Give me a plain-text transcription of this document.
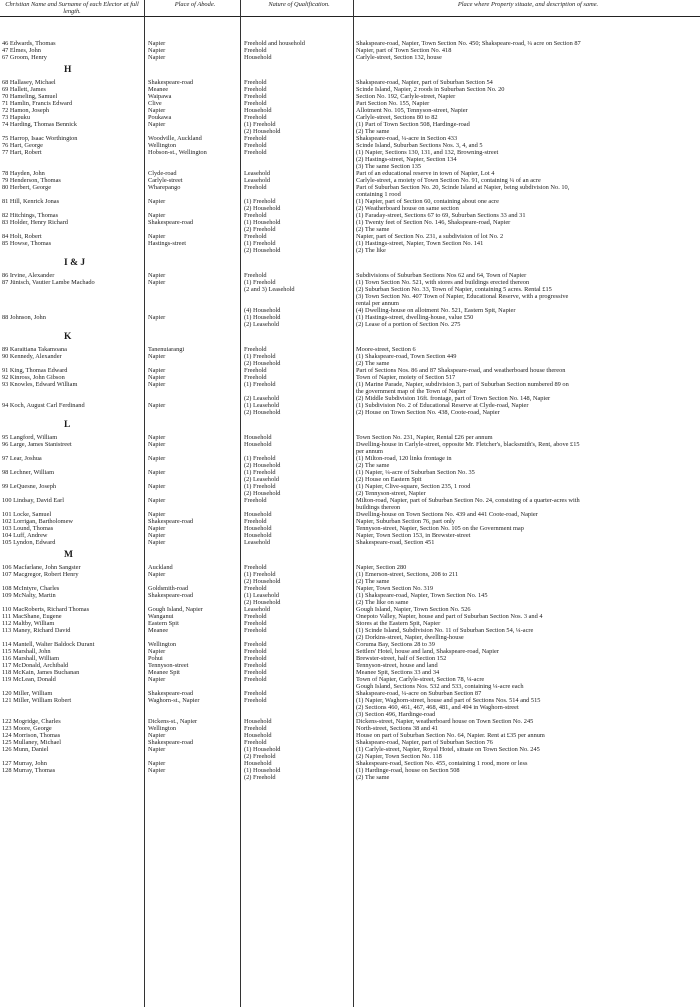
Christian Name and Surname of each Elector at full length.
Place of Abode.	Nature of Qualification.	Place where Property situate, and description of same.
46 Edwards, Thomas	Napier	Freehold and household	Shakspeare-road, Napier, Town Section No. 450; Shakspeare-road, ¼ acre on Section 87
47 Elmes, John	Napier	Freehold	Napier, part of Town Section No. 418
67 Groom, Henry	Napier	Household	Carlyle-street, Section 132, house
H
68 Hallasey, Michael	Shakespeare-road	Freehold	Shakspeare-road, Napier, part of Suburban Section 54
69 Hallett, James	Meanee	Freehold	Scinde Island, Napier, 2 roods in Suburban Section No. 20
70 Hameling, Samuel	Waipawa	Freehold	Section No. 192, Carlyle-street, Napier
71 Hamlin, Francis Edward	Clive	Freehold	Part Section No. 155, Napier
72 Hamon, Joseph	Napier	Household	Allotment No. 105, Tennyson-street, Napier
73 Hapuku	Poukawa	Freehold	Carlyle-street, Sections 80 to 82
74 Harding, Thomas Bennick	Napier	(1) Freehold	(1) Part of Town Section 508, Hardinge-road
(2) Household	(2) The same
75 Harrop, Isaac Worthington	Woodville, Auckland	Freehold	Shakspeare-road, ¼-acre in Section 433
76 Hart, George	Wellington	Freehold	Scinde Island, Suburban Sections Nos. 3, 4, and 5
77 Hart, Robert	Hobson-st., Wellington	Freehold	(1) Napier, Sections 130, 131, and 132, Browning-street
(2) Hastings-street, Napier, Section 134
(3) The same Section 135
78 Hayden, John	Clyde-road	Leasehold	Part of an educational reserve in town of Napier, Lot 4
79 Henderson, Thomas	Carlyle-street	Leasehold	Carlyle-street, a moiety of Town Section No. 91, containing ¼ of an acre
80 Herbert, George	Wharepango	Freehold	Part of Suburban Section No. 20, Scinde Island at Napier, being subdivision No. 10,
containing 1 rood
81 Hill, Kenrick Jonas	Napier	(1) Freehold	(1) Napier, part of Section 60, containing about one acre
(2) Household	(2) Weatherboard house on same section
82 Hitchings, Thomas	Napier	Freehold	(1) Faraday-street, Sections 67 to 69, Suburban Sections 33 and 31
83 Holder, Henry Richard	Shakespeare-road	(1) Household	(1) Twenty feet of Section No. 146, Shakspeare-road, Napier
(2) Freehold	(2) The same
84 Holt, Robert	Napier	Freehold	Napier, part of Section No. 231, a subdivision of lot No. 2
85 Howse, Thomas	Hastings-street	(1) Freehold	(1) Hastings-street, Napier, Town Section No. 141
(2) Household	(2) The like
I & J
86 Irvine, Alexander	Napier	Freehold	Subdivisions of Suburban Sections Nos 62 and 64, Town of Napier
87 Jünisch, Vautier Lambe Machado	Napier	(1) Freehold	(1) Town Section No. 521, with stores and buildings erected thereon
(2 and 3) Leasehold	(2) Suburban Section No. 33, Town of Napier, containing 5 acres. Rental £15
(3) Town Section No. 407 Town of Napier, Educational Reserve, with a progressive
rental per annum
(4) Household	(4) Dwelling-house on allotment No. 521, Eastern Spit, Napier
88 Johnson, John	Napier	(1) Household	(1) Hastings-street, dwelling-house, value £50
(2) Leasehold	(2) Lease of a portion of Section No. 275
K
89 Karaitiana Takamoana	Tanenuiarangi	Freehold	Moore-street, Section 6
90 Kennedy, Alexander	Napier	(1) Freehold	(1) Shakspeare-road, Town Section 449
(2) Household	(2) The same
91 King, Thomas Edward	Napier	Freehold	Part of Sections Nos. 86 and 87 Shakspeare-road, and weatherboard house thereon
92 Kinross, John Gibson	Napier	Freehold	Town of Napier, moiety of Section 517
93 Knowles, Edward William	Napier	(1) Freehold	(1) Marine Parade, Napier, subdivision 3, part of Suburban Section numbered 89 on
the government map of the Town of Napier
(2) Leasehold	(2) Middle Subdivision 16ft. frontage, part of Town Section No. 148, Napier
94 Koch, August Carl Ferdinand	Napier	(1) Leasehold	(1) Subdivision No. 2 of Educational Reserve at Clyde-road, Napier
(2) Household	(2) House on Town Section No. 438, Coote-road, Napier
L
95 Langford, William	Napier	Household	Town Section No. 231, Napier, Rental £26 per annum
96 Large, James Stanistreet	Napier	Household	Dwelling-house in Carlyle-street, opposite Mr. Fletcher's, blacksmith's, Rent, above £15
per annum
97 Lear, Joshua	Napier	(1) Freehold	(1) Milton-road, 120 links frontage in
(2) Household	(2) The same
98 Lechner, William	Napier	(1) Freehold	(1) Napier, ¼-acre of Suburban Section No. 35
(2) Leasehold	(2) House on Eastern Spit
99 LeQuesne, Joseph	Napier	(1) Freehold	(1) Napier, Clive-square, Section 235, 1 rood
(2) Household	(2) Tennyson-street, Napier
100 Lindsay, David Earl	Napier	Freehold	Milton-road, Napier, part of Suburban Section No. 24, consisting of a quarter-acres with
buildings thereon
101 Locke, Samuel	Napier	Household	Dwelling-house on Town Sections No. 439 and 441 Coote-road, Napier
102 Lorrigan, Bartholomew	Shakespeare-road	Freehold	Napier, Suburban Section 76, part only
103 Lound, Thomas	Napier	Household	Tennyson-street, Napier, Section No. 105 on the Government map
104 Luff, Andrew	Napier	Household	Napier, Town Section 153, in Brewster-street
105 Lyndon, Edward	Napier	Leasehold	Shakespeare-road, Section 451
M
106 Macfarlane, John Sangster	Auckland	Freehold	Napier, Section 280
107 Macgregor, Robert Henry	Napier	(1) Freehold	(1) Emerson-street, Sections, 208 to 211
(2) Household	(2) The same
108 McIntyre, Charles	Goldsmith-road	Freehold	Napier, Town Section No. 319
109 McNalty, Martin	Shakespeare-road	(1) Leasehold	(1) Shakspeare-road, Napier, Town Section No. 145
(2) Household	(2) The like on same
110 MacRoberts, Richard Thomas	Gough Island, Napier	Leasehold	Gough Island, Napier, Town Section No. 526
111 MacShane, Eugene	Wanganui	Freehold	Onepoto Valley, Napier, house and part of Suburban Section Nos. 3 and 4
112 Maltby, William	Eastern Spit	Freehold	Stores at the Eastern Spit, Napier
113 Maney, Richard David	Meanee	Freehold	(1) Scinde Island, Subdivision No. 11 of Suburban Section 54, ¼-acre
(2) Dorkins-street, Napier, dwelling-house
114 Mantell, Walter Baldock Durant	Wellington	Freehold	Coruma Bay, Sections 28 to 39
115 Marshall, John	Napier	Freehold	Settlers' Hotel, house and land, Shakspeare-road, Napier
116 Marshall, William	Pohui	Freehold	Brewster-street, half of Section 152
117 McDonald, Archibald	Tennyson-street	Freehold	Tennyson-street, house and land
118 McKain, James Buchanan	Meanee Spit	Freehold	Meanee Spit, Sections 33 and 34
119 McLean, Donald	Napier	Freehold	Town of Napier, Carlyle-street, Section 78, ¼-acre
Gough Island, Sections Nos. 532 and 533, containing ¼-acre each
120 Miller, William	Shakespeare-road	Freehold	Shakspeare-road, ¼-acre on Suburban Section 87
121 Miller, William Robert	Waghorn-st., Napier	Freehold	(1) Napier, Waghorn-street, house and part of Sections Nos. 514 and 515
(2) Sections 460, 461, 467, 468, 481, and 494 in Waghorn-street
(3) Section 496, Hardinge-road
122 Mogridge, Charles	Dickens-st., Napier	Household	Dickens-street, Napier, weatherboard house on Town Section No. 245
123 Moore, George	Wellington	Freehold	North-street, Sections 38 and 41
124 Morrison, Thomas	Napier	Household	House on part of Suburban Section No. 64, Napier. Rent at £35 per annum
125 Mullaney, Michael	Shakespeare-road	Freehold	Shakspeare-road, Napier, part of Suburban Section 76
126 Munn, Daniel	Napier	(1) Household	(1) Carlyle-street, Napier, Royal Hotel, situate on Town Section No. 245
(2) Freehold	(2) Napier, Town Section No. 118
127 Murray, John	Napier	Household	Shakespeare-road, Section No. 455, containing 1 rood, more or less
128 Murray, Thomas	Napier	(1) Household	(1) Hardinge-road, house on Section 508
(2) Freehold	(2) The same
